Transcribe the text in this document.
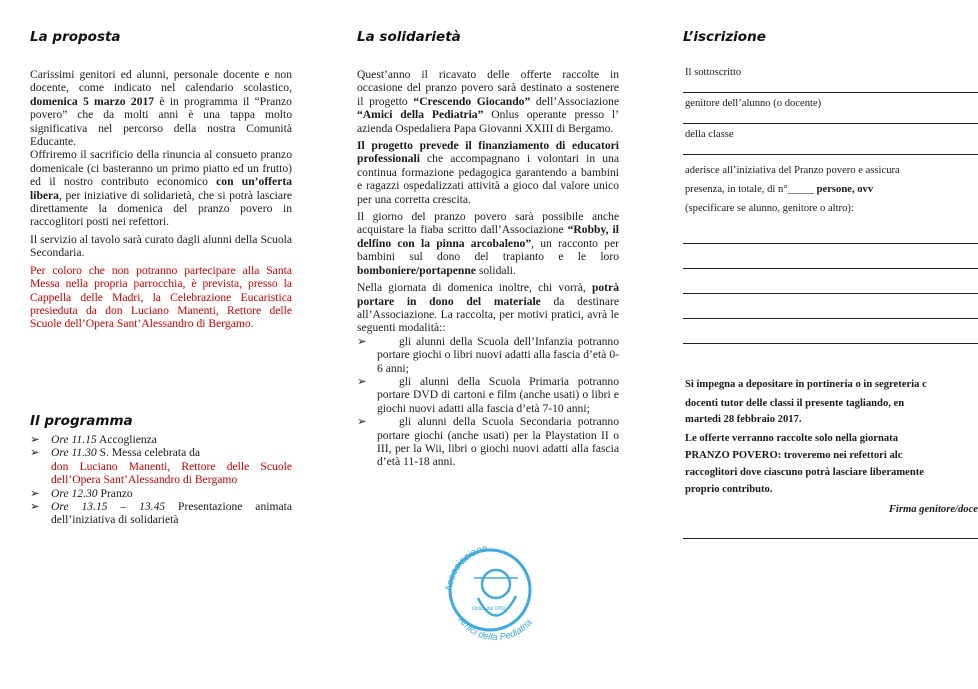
La proposta

Carissimi genitori ed alunni, personale docente e non docente, come indicato nel calendario scolastico, domenica 5 marzo 2017 è in programma il “Pranzo povero” che da molti anni è una tappa molto significativa nel percorso della nostra Comunità Educante.

Offriremo il sacrificio della rinuncia al consueto pranzo domenicale (ci basteranno un primo piatto ed un frutto) ed il nostro contributo economico con un’offerta libera, per iniziative di solidarietà, che si potrà lasciare direttamente la domenica del pranzo povero in raccoglitori posti nei refettori.

Il servizio al tavolo sarà curato dagli alunni della Scuola Secondaria.

Per coloro che non potranno partecipare alla Santa Messa nella propria parrocchia, è prevista, presso la Cappella delle Madri, la Celebrazione Eucaristica presieduta da don Luciano Manenti, Rettore delle Scuole dell’Opera Sant’Alessandro di Bergamo.

Il programma
➢ Ore 11.15 Accoglienza
➢ Ore 11.30 S. Messa celebrata da
don Luciano Manenti, Rettore delle Scuole dell’Opera Sant’Alessandro di Bergamo
➢ Ore 12.30 Pranzo
➢ Ore 13.15 – 13.45 Presentazione animata dell’iniziativa di solidarietà
La solidarietà

Quest’anno il ricavato delle offerte raccolte in occasione del pranzo povero sarà destinato a sostenere il progetto “Crescendo Giocando” dell’Associazione “Amici della Pediatria” Onlus operante presso l’ azienda Ospedaliera Papa Giovanni XXIII di Bergamo.

Il progetto prevede il finanziamento di educatori professionali che accompagnano i volontari in una continua formazione pedagogica garantendo a bambini e ragazzi ospedalizzati attività a gioco dal valore unico per una corretta crescita.

Il giorno del pranzo povero sarà possibile anche acquistare la fiaba scritto dall’Associazione “Robby, il delfino con la pinna arcobaleno”, un racconto per bambini sul dono del trapianto e le loro bomboniere/portapenne solidali.

Nella giornata di domenica inoltre, chi vorrà, potrà portare in dono del materiale da destinare all’Associazione. La raccolta, per motivi pratici, avrà le seguenti modalità::

➢	gli alunni della Scuola dell’Infanzia potranno portare giochi o libri nuovi adatti alla fascia d’età 0-6 anni;
➢	gli alunni della Scuola Primaria potranno portare DVD di cartoni e film (anche usati) o libri e giochi nuovi adatti alla fascia d’età 7-10 anni;
➢	gli alunni della Scuola Secondaria potranno portare giochi (anche usati) per la Playstation II o III, per la Wii, libri o giochi nuovi adatti alla fascia d’età 11-18 anni.
Associazione
Amici della Pediatria
Onlus dal 1992
L’iscrizione
Il sottoscritto
genitore dell’alunno (o docente)
della classe
aderisce all’iniziativa del Pranzo povero e assicura
presenza, in totale, di n°_____ persone, ovv
(specificare se alunno, genitore o altro):
Si impegna a depositare in portineria o in segreteria c
docenti tutor delle classi il presente tagliando, en
martedì 28 febbraio 2017.
Le offerte verranno raccolte solo nella giornata
PRANZO POVERO: troveremo nei refettori alc
raccoglitori dove ciascuno potrà lasciare liberamente
proprio contributo.
Firma genitore/doce
